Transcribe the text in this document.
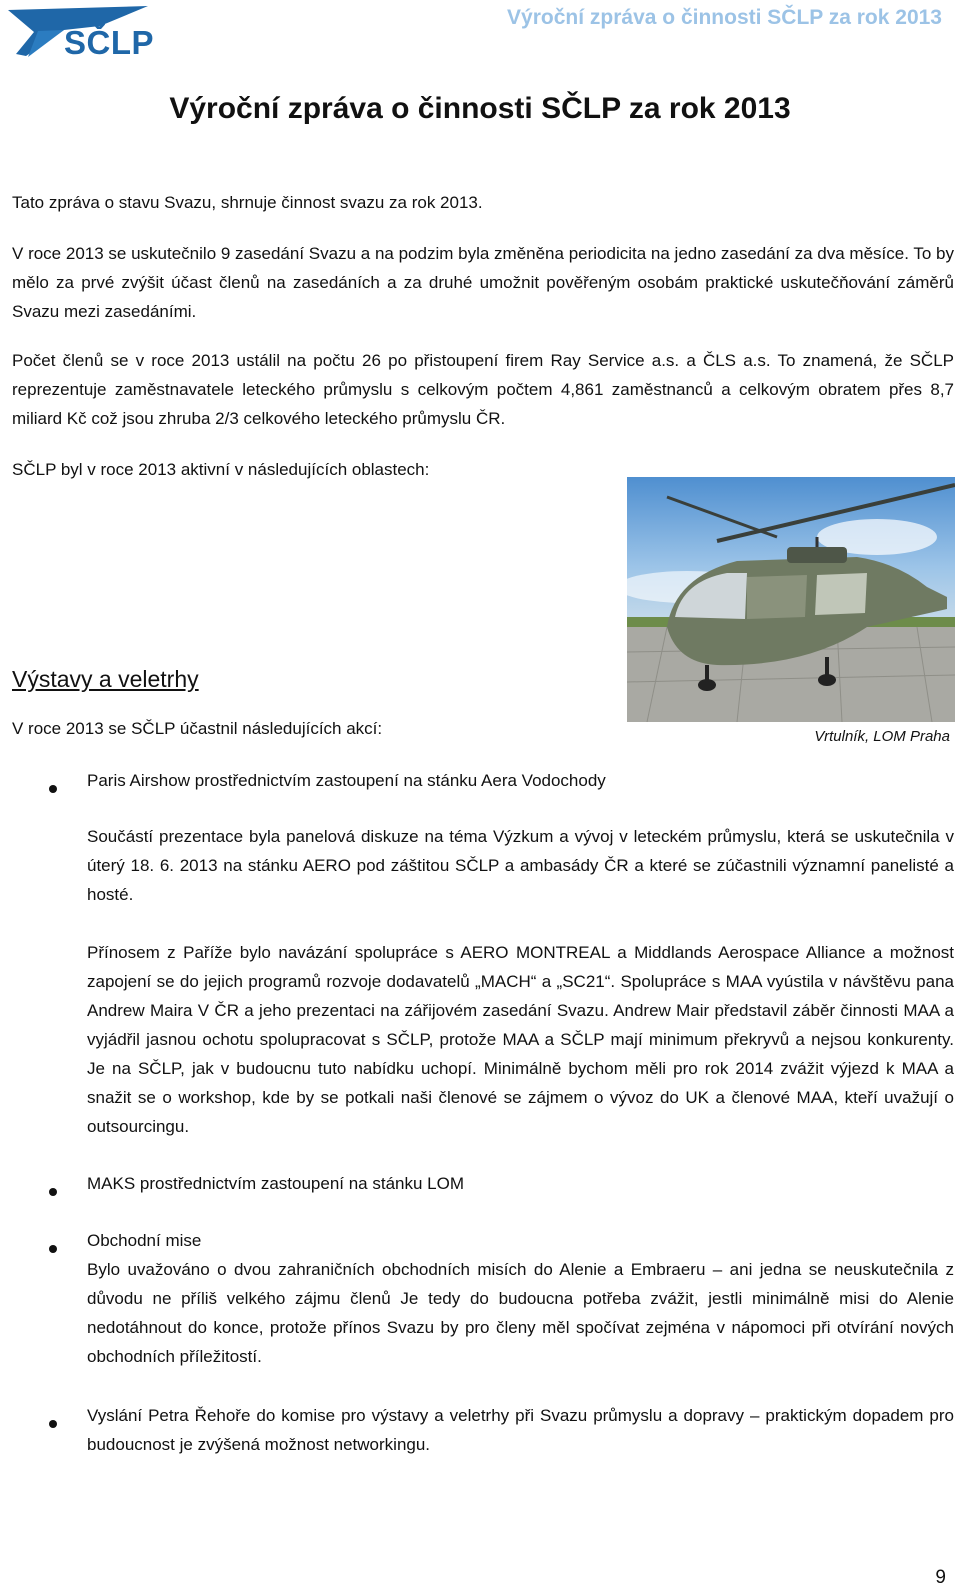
SČLP
Výroční zpráva o činnosti SČLP za rok 2013
Výroční zpráva o činnosti SČLP za rok 2013

Tato zpráva o stavu Svazu, shrnuje činnost svazu za rok 2013.

V roce 2013 se uskutečnilo 9 zasedání Svazu a na podzim byla změněna periodicita na jedno zasedání za dva měsíce. To by mělo za prvé zvýšit účast členů na zasedáních a za druhé umožnit pověřeným osobám praktické uskutečňování záměrů Svazu mezi zasedáními.

Počet členů se v roce 2013 ustálil na počtu 26 po přistoupení firem Ray Service a.s. a ČLS a.s. To znamená, že SČLP reprezentuje zaměstnavatele leteckého průmyslu s celkovým počtem 4,861 zaměstnanců a celkovým obratem přes 8,7 miliard Kč což jsou zhruba 2/3 celkového leteckého průmyslu ČR.

SČLP byl v roce 2013 aktivní v následujících oblastech:

Výstavy a veletrhy

V roce 2013 se SČLP účastnil následujících akcí:	Vrtulník, LOM Praha

Paris Airshow prostřednictvím zastoupení na stánku Aera Vodochody

Součástí prezentace byla panelová diskuze na téma Výzkum a vývoj v leteckém průmyslu, která se uskutečnila v úterý 18. 6. 2013 na stánku AERO pod záštitou SČLP a ambasády ČR a které se zúčastnili významní panelisté a hosté.

Přínosem z Paříže bylo navázání spolupráce s AERO MONTREAL a Middlands Aerospace Alliance a možnost zapojení se do jejich programů rozvoje dodavatelů „MACH“ a „SC21“. Spolupráce s MAA vyústila v návštěvu pana Andrew Maira V ČR a jeho prezentaci na zářijovém zasedání Svazu. Andrew Mair představil záběr činnosti MAA a vyjádřil jasnou ochotu spolupracovat s SČLP, protože MAA a SČLP mají minimum překryvů a nejsou konkurenty. Je na SČLP, jak v budoucnu tuto nabídku uchopí. Minimálně bychom měli pro rok 2014 zvážit výjezd k MAA a snažit se o workshop, kde by se potkali naši členové se zájmem o vývoz do UK a členové MAA, kteří uvažují o outsourcingu.

MAKS prostřednictvím zastoupení na stánku LOM

Obchodní mise

Bylo uvažováno o dvou zahraničních obchodních misích do Alenie a Embraeru – ani jedna se neuskutečnila z důvodu ne příliš velkého zájmu členů Je tedy do budoucna potřeba zvážit, jestli minimálně misi do Alenie nedotáhnout do konce, protože přínos Svazu by pro členy měl spočívat zejména v nápomoci při otvírání nových obchodních příležitostí.

Vyslání Petra Řehoře do komise pro výstavy a veletrhy při Svazu průmyslu a dopravy – praktickým dopadem pro budoucnost je zvýšená možnost networkingu.

9
